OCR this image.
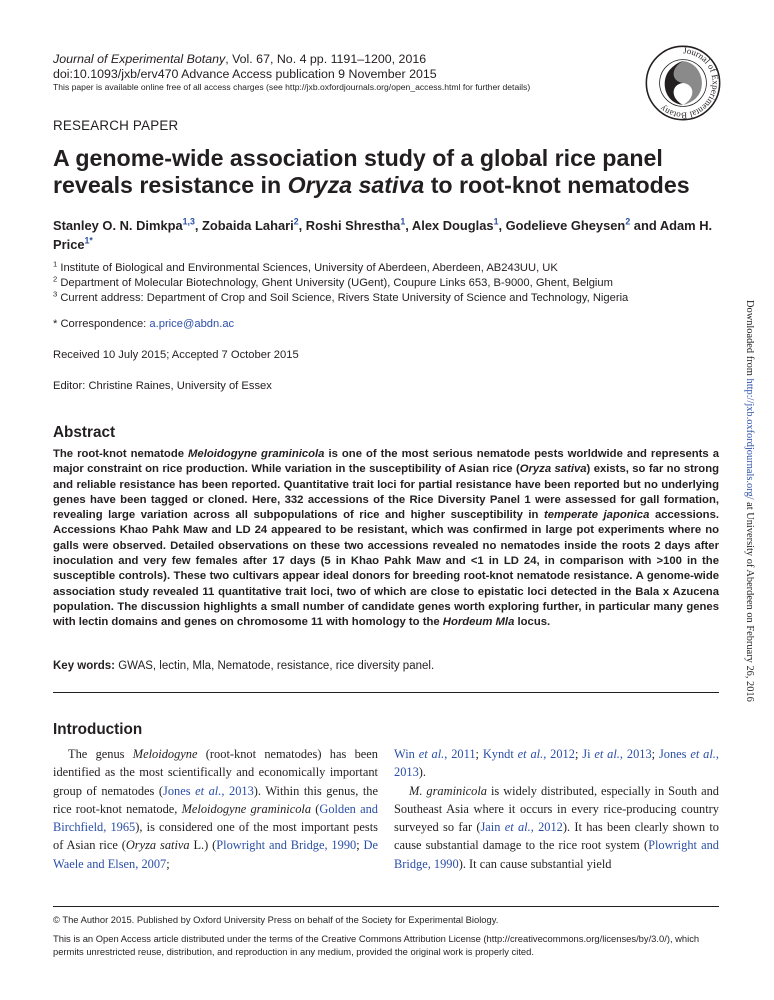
Journal of Experimental Botany, Vol. 67, No. 4 pp. 1191–1200, 2016
doi:10.1093/jxb/erv470 Advance Access publication 9 November 2015
This paper is available online free of all access charges (see http://jxb.oxfordjournals.org/open_access.html for further details)
Journal of Experimental Botany
RESEARCH PAPER
A genome-wide association study of a global rice panel reveals resistance in Oryza sativa to root-knot nematodes
Stanley O. N. Dimkpa$^{1,3}$, Zobaida Lahari$^2$, Roshi Shrestha$^1$, Alex Douglas$^1$, Godelieve Gheysen$^2$ and Adam H. Price$^{1*}$
$^1$ Institute of Biological and Environmental Sciences, University of Aberdeen, Aberdeen, AB243UU, UK
$^2$ Department of Molecular Biotechnology, Ghent University (UGent), Coupure Links 653, B-9000, Ghent, Belgium
$^3$ Current address: Department of Crop and Soil Science, Rivers State University of Science and Technology, Nigeria
* Correspondence: a.price@abdn.ac
Received 10 July 2015; Accepted 7 October 2015
Editor: Christine Raines, University of Essex
Abstract
The root-knot nematode Meloidogyne graminicola is one of the most serious nematode pests worldwide and represents a major constraint on rice production. While variation in the susceptibility of Asian rice (Oryza sativa) exists, so far no strong and reliable resistance has been reported. Quantitative trait loci for partial resistance have been reported but no underlying genes have been tagged or cloned. Here, 332 accessions of the Rice Diversity Panel 1 were assessed for gall formation, revealing large variation across all subpopulations of rice and higher susceptibility in temperate japonica accessions. Accessions Khao Pahk Maw and LD 24 appeared to be resistant, which was confirmed in large pot experiments where no galls were observed. Detailed observations on these two accessions revealed no nematodes inside the roots 2 days after inoculation and very few females after 17 days (5 in Khao Pahk Maw and <1 in LD 24, in comparison with >100 in the susceptible controls). These two cultivars appear ideal donors for breeding root-knot nematode resistance. A genome-wide association study revealed 11 quantitative trait loci, two of which are close to epistatic loci detected in the Bala x Azucena population. The discussion highlights a small number of candidate genes worth exploring further, in particular many genes with lectin domains and genes on chromosome 11 with homology to the Hordeum Mla locus.
Key words: GWAS, lectin, Mla, Nematode, resistance, rice diversity panel.
Introduction
The genus Meloidogyne (root-knot nematodes) has been identified as the most scientifically and economically important group of nematodes (Jones et al., 2013). Within this genus, the rice root-knot nematode, Meloidogyne graminicola (Golden and Birchfield, 1965), is considered one of the most important pests of Asian rice (Oryza sativa L.) (Plowright and Bridge, 1990; De Waele and Elsen, 2007;
Win et al., 2011; Kyndt et al., 2012; Ji et al., 2013; Jones et al., 2013).
M. graminicola is widely distributed, especially in South and Southeast Asia where it occurs in every rice-producing country surveyed so far (Jain et al., 2012). It has been clearly shown to cause substantial damage to the rice root system (Plowright and Bridge, 1990). It can cause substantial yield
© The Author 2015. Published by Oxford University Press on behalf of the Society for Experimental Biology.
This is an Open Access article distributed under the terms of the Creative Commons Attribution License (http://creativecommons.org/licenses/by/3.0/), which permits unrestricted reuse, distribution, and reproduction in any medium, provided the original work is properly cited.
Downloaded from http://jxb.oxfordjournals.org/ at University of Aberdeen on February 26, 2016
